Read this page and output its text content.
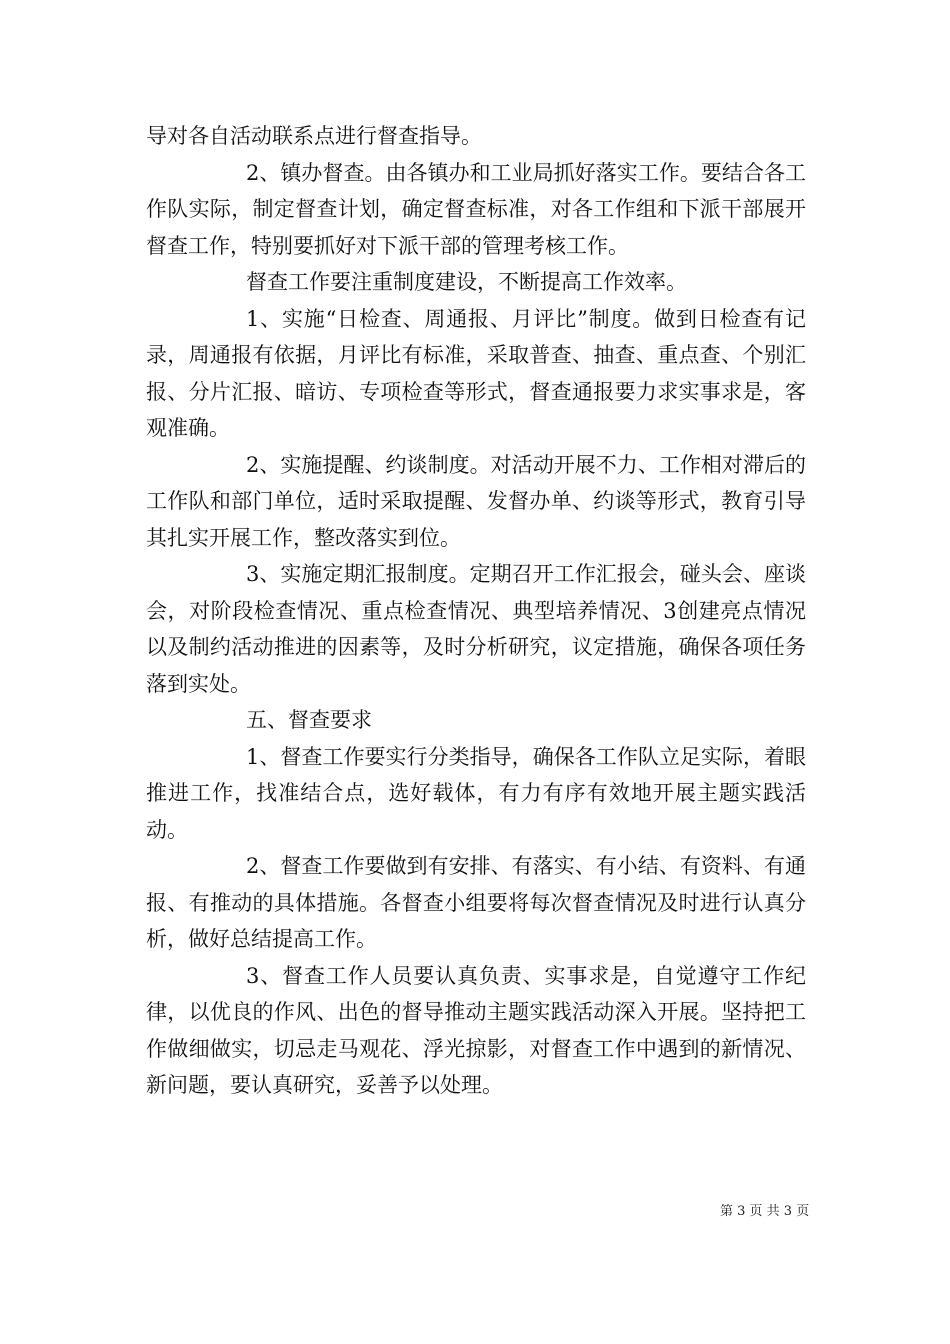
导对各自活动联系点进行督查指导。

2、镇办督查。由各镇办和工业局抓好落实工作。要结合各工作队实际，制定督查计划，确定督查标准，对各工作组和下派干部展开督查工作，特别要抓好对下派干部的管理考核工作。

督查工作要注重制度建设，不断提高工作效率。

1、实施“日检查、周通报、月评比”制度。做到日检查有记录，周通报有依据，月评比有标准，采取普查、抽查、重点查、个别汇报、分片汇报、暗访、专项检查等形式，督查通报要力求实事求是，客观准确。

2、实施提醒、约谈制度。对活动开展不力、工作相对滞后的工作队和部门单位，适时采取提醒、发督办单、约谈等形式，教育引导其扎实开展工作，整改落实到位。

3、实施定期汇报制度。定期召开工作汇报会，碰头会、座谈会，对阶段检查情况、重点检查情况、典型培养情况、3创建亮点情况以及制约活动推进的因素等，及时分析研究，议定措施，确保各项任务落到实处。

五、督查要求

1、督查工作要实行分类指导，确保各工作队立足实际，着眼推进工作，找准结合点，选好载体，有力有序有效地开展主题实践活动。

2、督查工作要做到有安排、有落实、有小结、有资料、有通报、有推动的具体措施。各督查小组要将每次督查情况及时进行认真分析，做好总结提高工作。

3、督查工作人员要认真负责、实事求是，自觉遵守工作纪律，以优良的作风、出色的督导推动主题实践活动深入开展。坚持把工作做细做实，切忌走马观花、浮光掠影，对督查工作中遇到的新情况、新问题，要认真研究，妥善予以处理。

第 3 页 共 3 页
